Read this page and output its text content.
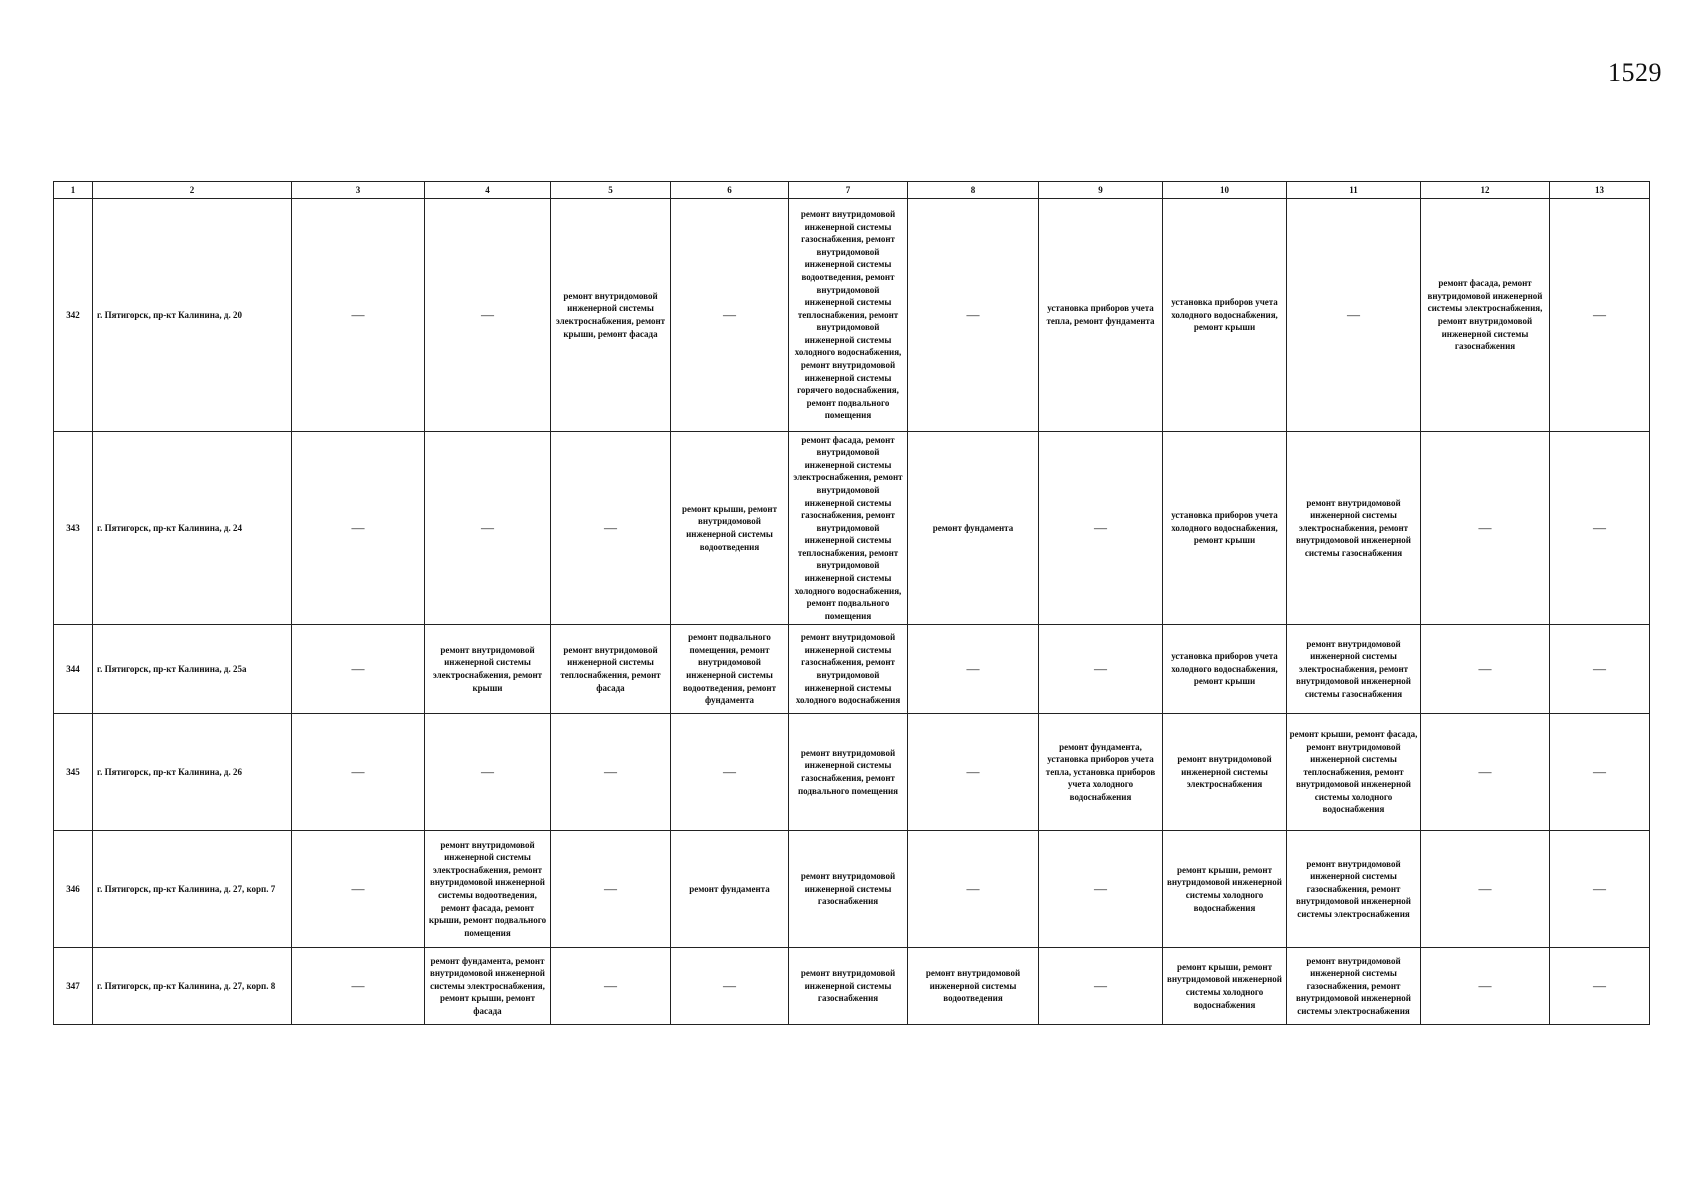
1529
1	2	3	4	5	6	7	8	9	10	11	12	13
342	г. Пятигорск, пр-кт Калинина, д. 20	—	—	ремонт внутридомовой инженерной системы электроснабжения, ремонт крыши, ремонт фасада	—	ремонт внутридомовой инженерной системы газоснабжения, ремонт внутридомовой инженерной системы водоотведения, ремонт внутридомовой инженерной системы теплоснабжения, ремонт внутридомовой инженерной системы холодного водоснабжения, ремонт внутридомовой инженерной системы горячего водоснабжения, ремонт подвального помещения	—	установка приборов учета тепла, ремонт фундамента	установка приборов учета холодного водоснабжения, ремонт крыши	—	ремонт фасада, ремонт внутридомовой инженерной системы электроснабжения, ремонт внутридомовой инженерной системы газоснабжения	—
343	г. Пятигорск, пр-кт Калинина, д. 24	—	—	—	ремонт крыши, ремонт внутридомовой инженерной системы водоотведения	ремонт фасада, ремонт внутридомовой инженерной системы электроснабжения, ремонт внутридомовой инженерной системы газоснабжения, ремонт внутридомовой инженерной системы теплоснабжения, ремонт внутридомовой инженерной системы холодного водоснабжения, ремонт подвального помещения	ремонт фундамента	—	установка приборов учета холодного водоснабжения, ремонт крыши	ремонт внутридомовой инженерной системы электроснабжения, ремонт внутридомовой инженерной системы газоснабжения	—	—
344	г. Пятигорск, пр-кт Калинина, д. 25а	—	ремонт внутридомовой инженерной системы электроснабжения, ремонт крыши	ремонт внутридомовой инженерной системы теплоснабжения, ремонт фасада	ремонт подвального помещения, ремонт внутридомовой инженерной системы водоотведения, ремонт фундамента	ремонт внутридомовой инженерной системы газоснабжения, ремонт внутридомовой инженерной системы холодного водоснабжения	—	—	установка приборов учета холодного водоснабжения, ремонт крыши	ремонт внутридомовой инженерной системы электроснабжения, ремонт внутридомовой инженерной системы газоснабжения	—	—
345	г. Пятигорск, пр-кт Калинина, д. 26	—	—	—	—	ремонт внутридомовой инженерной системы газоснабжения, ремонт подвального помещения	—	ремонт фундамента, установка приборов учета тепла, установка приборов учета холодного водоснабжения	ремонт внутридомовой инженерной системы электроснабжения	ремонт крыши, ремонт фасада, ремонт внутридомовой инженерной системы теплоснабжения, ремонт внутридомовой инженерной системы холодного водоснабжения	—	—
346	г. Пятигорск, пр-кт Калинина, д. 27, корп. 7	—	ремонт внутридомовой инженерной системы электроснабжения, ремонт внутридомовой инженерной системы водоотведения, ремонт фасада, ремонт крыши, ремонт подвального помещения	—	ремонт фундамента	ремонт внутридомовой инженерной системы газоснабжения	—	—	ремонт крыши, ремонт внутридомовой инженерной системы холодного водоснабжения	ремонт внутридомовой инженерной системы газоснабжения, ремонт внутридомовой инженерной системы электроснабжения	—	—
347	г. Пятигорск, пр-кт Калинина, д. 27, корп. 8	—	ремонт фундамента, ремонт внутридомовой инженерной системы электроснабжения, ремонт крыши, ремонт фасада	—	—	ремонт внутридомовой инженерной системы газоснабжения	ремонт внутридомовой инженерной системы водоотведения	—	ремонт крыши, ремонт внутридомовой инженерной системы холодного водоснабжения	ремонт внутридомовой инженерной системы газоснабжения, ремонт внутридомовой инженерной системы электроснабжения	—	—
